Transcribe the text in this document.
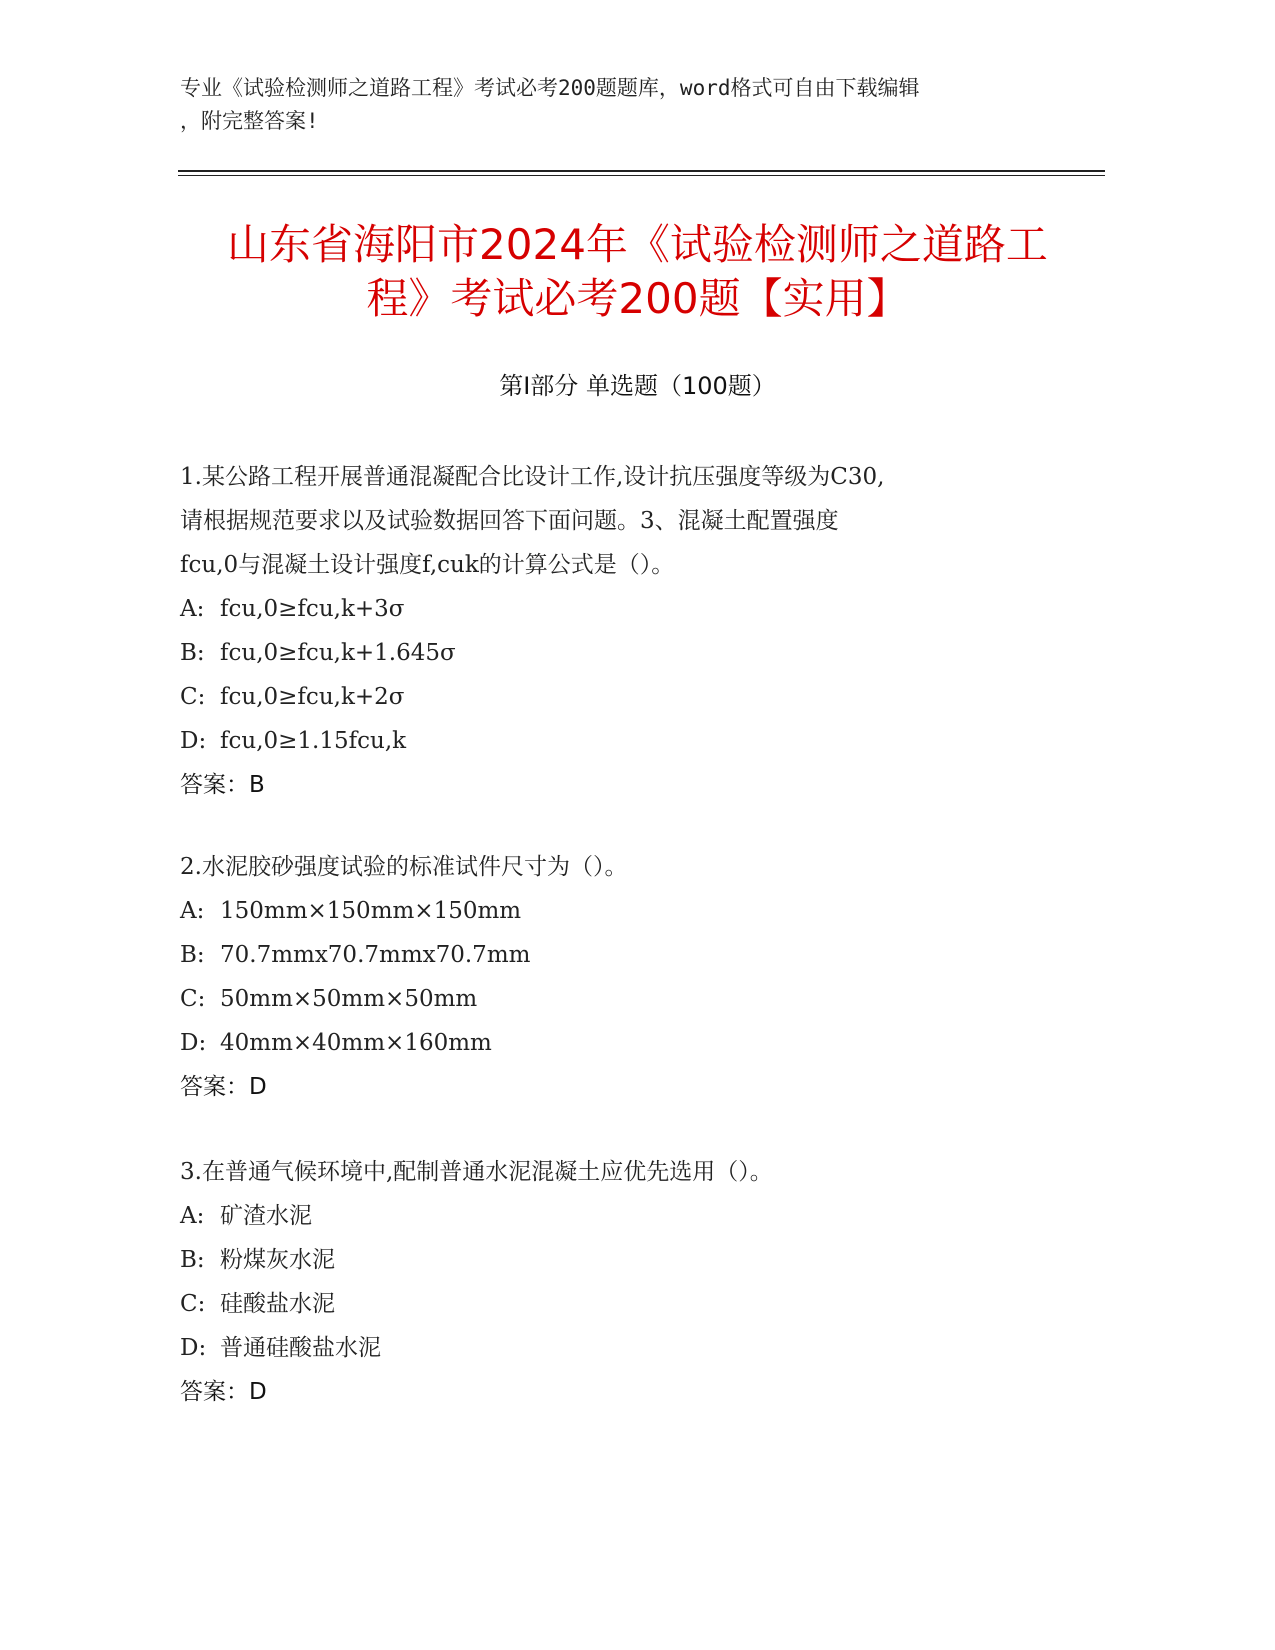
专业《试验检测师之道路工程》考试必考200题题库，word格式可自由下载编辑
，附完整答案!
山东省海阳市2024年《试验检测师之道路工
程》考试必考200题【实用】
第I部分 单选题（100题）
1.某公路工程开展普通混凝配合比设计工作,设计抗压强度等级为C30,
请根据规范要求以及试验数据回答下面问题。3、混凝土配置强度
fcu,0与混凝土设计强度f,cuk的计算公式是（）。
A: fcu,0≥fcu,k+3σ
B: fcu,0≥fcu,k+1.645σ
C: fcu,0≥fcu,k+2σ
D: fcu,0≥1.15fcu,k
答案：B
2.水泥胶砂强度试验的标准试件尺寸为（）。
A: 150mm×150mm×150mm
B: 70.7mmx70.7mmx70.7mm
C: 50mm×50mm×50mm
D: 40mm×40mm×160mm
答案：D
3.在普通气候环境中,配制普通水泥混凝土应优先选用（）。
A: 矿渣水泥
B: 粉煤灰水泥
C: 硅酸盐水泥
D: 普通硅酸盐水泥
答案：D
